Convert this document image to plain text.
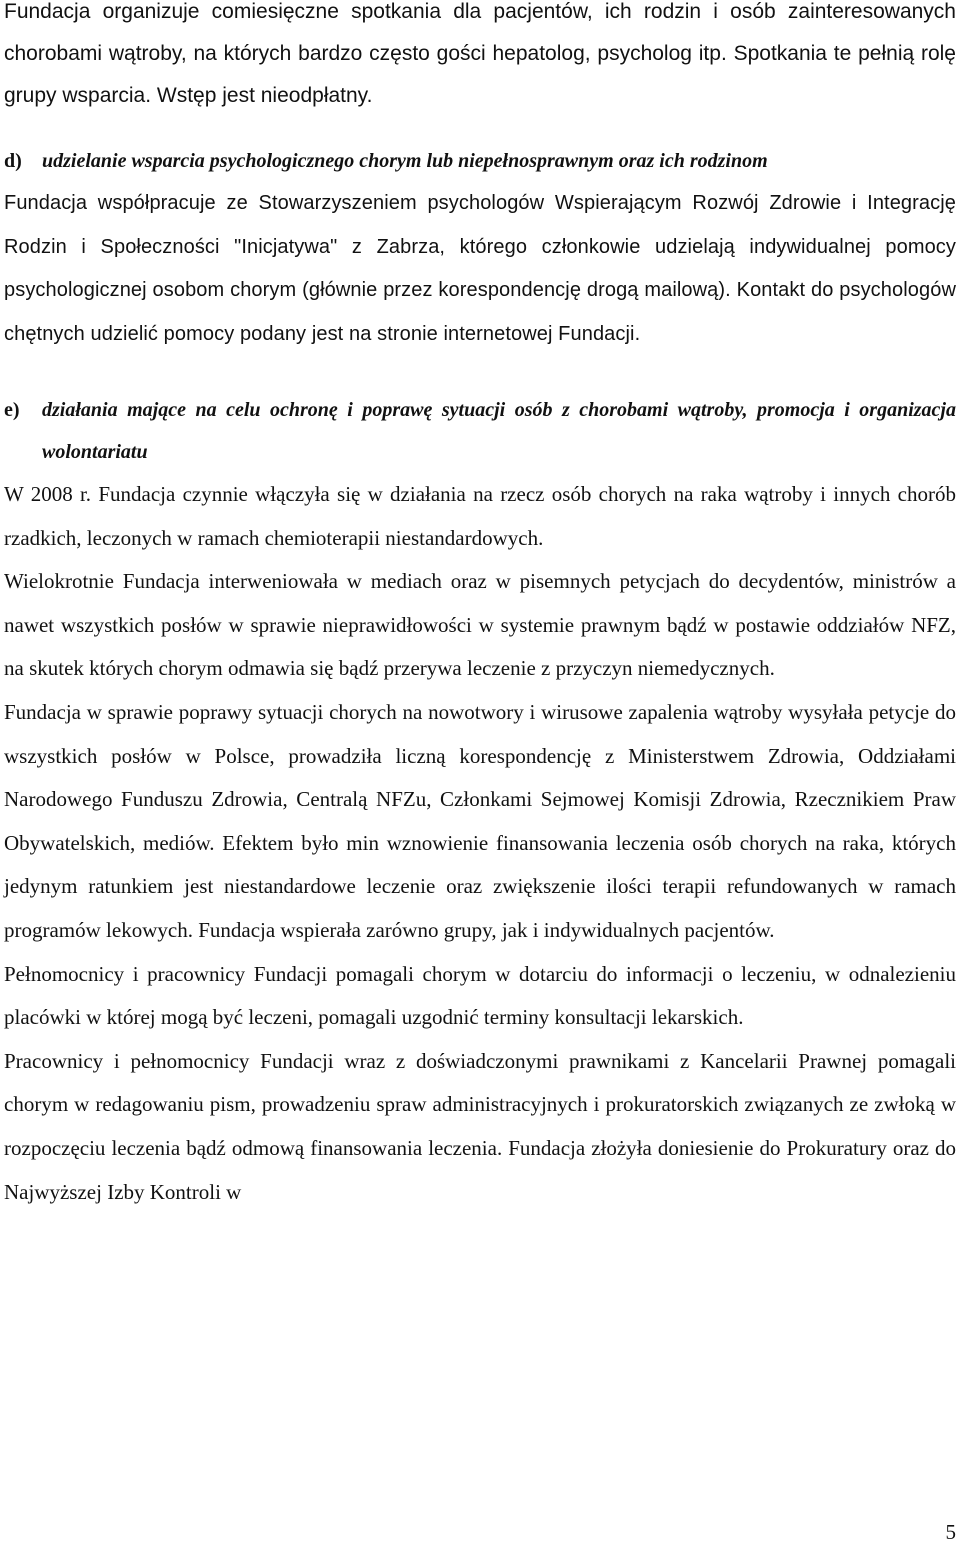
Fundacja organizuje comiesięczne spotkania dla pacjentów, ich rodzin i osób zainteresowanych chorobami wątroby, na których bardzo często gości hepatolog, psycholog itp. Spotkania te pełnią rolę grupy wsparcia. Wstęp jest nieodpłatny.

d)	udzielanie wsparcia psychologicznego chorym lub niepełnosprawnym oraz ich rodzinom

Fundacja współpracuje ze Stowarzyszeniem psychologów Wspierającym Rozwój Zdrowie i Integrację Rodzin i Społeczności "Inicjatywa" z Zabrza, którego członkowie udzielają indywidualnej pomocy psychologicznej osobom chorym (głównie przez korespondencję drogą mailową). Kontakt do psychologów chętnych udzielić pomocy podany jest na stronie internetowej Fundacji.

e)	działania mające na celu ochronę i poprawę sytuacji osób z chorobami wątroby, promocja i organizacja wolontariatu

W 2008 r. Fundacja czynnie włączyła się w działania na rzecz osób chorych na raka wątroby i innych chorób rzadkich, leczonych w ramach chemioterapii niestandardowych.

Wielokrotnie Fundacja interweniowała w mediach oraz w pisemnych petycjach do decydentów, ministrów a nawet wszystkich posłów w sprawie nieprawidłowości w systemie prawnym bądź w postawie oddziałów NFZ, na skutek których chorym odmawia się bądź przerywa leczenie z przyczyn niemedycznych.

Fundacja w sprawie poprawy sytuacji chorych na nowotwory i wirusowe zapalenia wątroby wysyłała petycje do wszystkich posłów w Polsce, prowadziła liczną korespondencję z Ministerstwem Zdrowia, Oddziałami Narodowego Funduszu Zdrowia, Centralą NFZu, Członkami Sejmowej Komisji Zdrowia, Rzecznikiem Praw Obywatelskich, mediów. Efektem było min wznowienie finansowania leczenia osób chorych na raka, których jedynym ratunkiem jest niestandardowe leczenie oraz zwiększenie ilości terapii refundowanych w ramach programów lekowych. Fundacja wspierała zarówno grupy, jak i indywidualnych pacjentów.

Pełnomocnicy i pracownicy Fundacji pomagali chorym w dotarciu do informacji o leczeniu, w odnalezieniu placówki w której mogą być leczeni, pomagali uzgodnić terminy konsultacji lekarskich.

Pracownicy i pełnomocnicy Fundacji wraz z doświadczonymi prawnikami z Kancelarii Prawnej pomagali chorym w redagowaniu pism, prowadzeniu spraw administracyjnych i prokuratorskich związanych ze zwłoką w rozpoczęciu leczenia bądź odmową finansowania leczenia. Fundacja złożyła doniesienie do Prokuratury oraz do Najwyższej Izby Kontroli w

5
